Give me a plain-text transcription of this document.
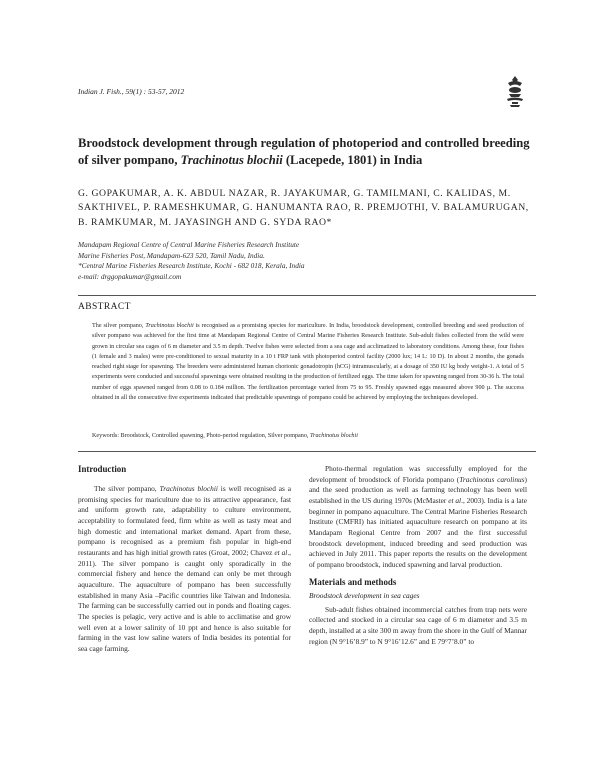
Indian J. Fish., 59(1) : 53-57, 2012
Broodstock development through regulation of photoperiod and controlled breeding of silver pompano, Trachinotus blochii (Lacepede, 1801) in India
G. GOPAKUMAR, A. K. ABDUL NAZAR, R. JAYAKUMAR, G. TAMILMANI, C. KALIDAS, M. SAKTHIVEL, P. RAMESHKUMAR, G. HANUMANTA RAO, R. PREMJOTHI, V. BALAMURUGAN, B. RAMKUMAR, M. JAYASINGH AND G. SYDA RAO*
Mandapam Regional Centre of Central Marine Fisheries Research Institute
Marine Fisheries Post, Mandapam-623 520, Tamil Nadu, India.
*Central Marine Fisheries Research Institute, Kochi - 682 018, Kerala, India
e-mail: drggopakumar@gmail.com
ABSTRACT
The silver pompano, Trachinotus blochii is recognised as a promising species for mariculture. In India, broodstock development, controlled breeding and seed production of silver pompano was achieved for the first time at Mandapam Regional Centre of Central Marine Fisheries Research Institute. Sub-adult fishes collected from the wild were grown in circular sea cages of 6 m diameter and 3.5 m depth. Twelve fishes were selected from a sea cage and acclimatized to laboratory conditions. Among these, four fishes (1 female and 3 males) were pre-conditioned to sexual maturity in a 10 t FRP tank with photoperiod control facility (2000 lux; 14 L: 10 D). In about 2 months, the gonads reached right stage for spawning. The breeders were administered human chorionic gonadotropin (hCG) intramuscularly, at a dosage of 350 IU kg body weight-1. A total of 5 experiments were conducted and successful spawnings were obtained resulting in the production of fertilized eggs. The time taken for spawning ranged from 30-36 h. The total number of eggs spawned ranged from 0.08 to 0.184 million. The fertilization percentage varied from 75 to 95. Freshly spawned eggs measured above 900 µ. The success obtained in all the consecutive five experiments indicated that predictable spawnings of pompano could be achieved by employing the techniques developed.
Keywords: Broodstock, Controlled spawning, Photo-period regulation, Silver pompano, Trachinotus blochii
Introduction

The silver pompano, Trachinotus blochii is well recognised as a promising species for mariculture due to its attractive appearance, fast and uniform growth rate, adaptability to culture environment, acceptability to formulated feed, firm white as well as tasty meat and high domestic and international market demand. Apart from these, pompano is recognised as a premium fish popular in high-end restaurants and has high initial growth rates (Groat, 2002; Chavez et al., 2011). The silver pompano is caught only sporadically in the commercial fishery and hence the demand can only be met through aquaculture. The aquaculture of pompano has been successfully established in many Asia –Pacific countries like Taiwan and Indonesia. The farming can be successfully carried out in ponds and floating cages. The species is pelagic, very active and is able to acclimatise and grow well even at a lower salinity of 10 ppt and hence is also suitable for farming in the vast low saline waters of India besides its potential for sea cage farming.

Photo-thermal regulation was successfully employed for the development of broodstock of Florida pompano (Trachinotus carolinus) and the seed production as well as farming technology has been well established in the US during 1970s (McMaster et al., 2003). India is a late beginner in pompano aquaculture. The Central Marine Fisheries Research Institute (CMFRI) has initiated aquaculture research on pompano at its Mandapam Regional Centre from 2007 and the first successful broodstock development, induced breeding and seed production was achieved in July 2011. This paper reports the results on the development of pompano broodstock, induced spawning and larval production.

Materials and methods
Broodstock development in sea cages

Sub-adult fishes obtained incommercial catches from trap nets were collected and stocked in a circular sea cage of 6 m diameter and 3.5 m depth, installed at a site 300 m away from the shore in the Gulf of Mannar region (N 9°16’8.9” to N 9°16’12.6” and E 79°7’8.0” to
